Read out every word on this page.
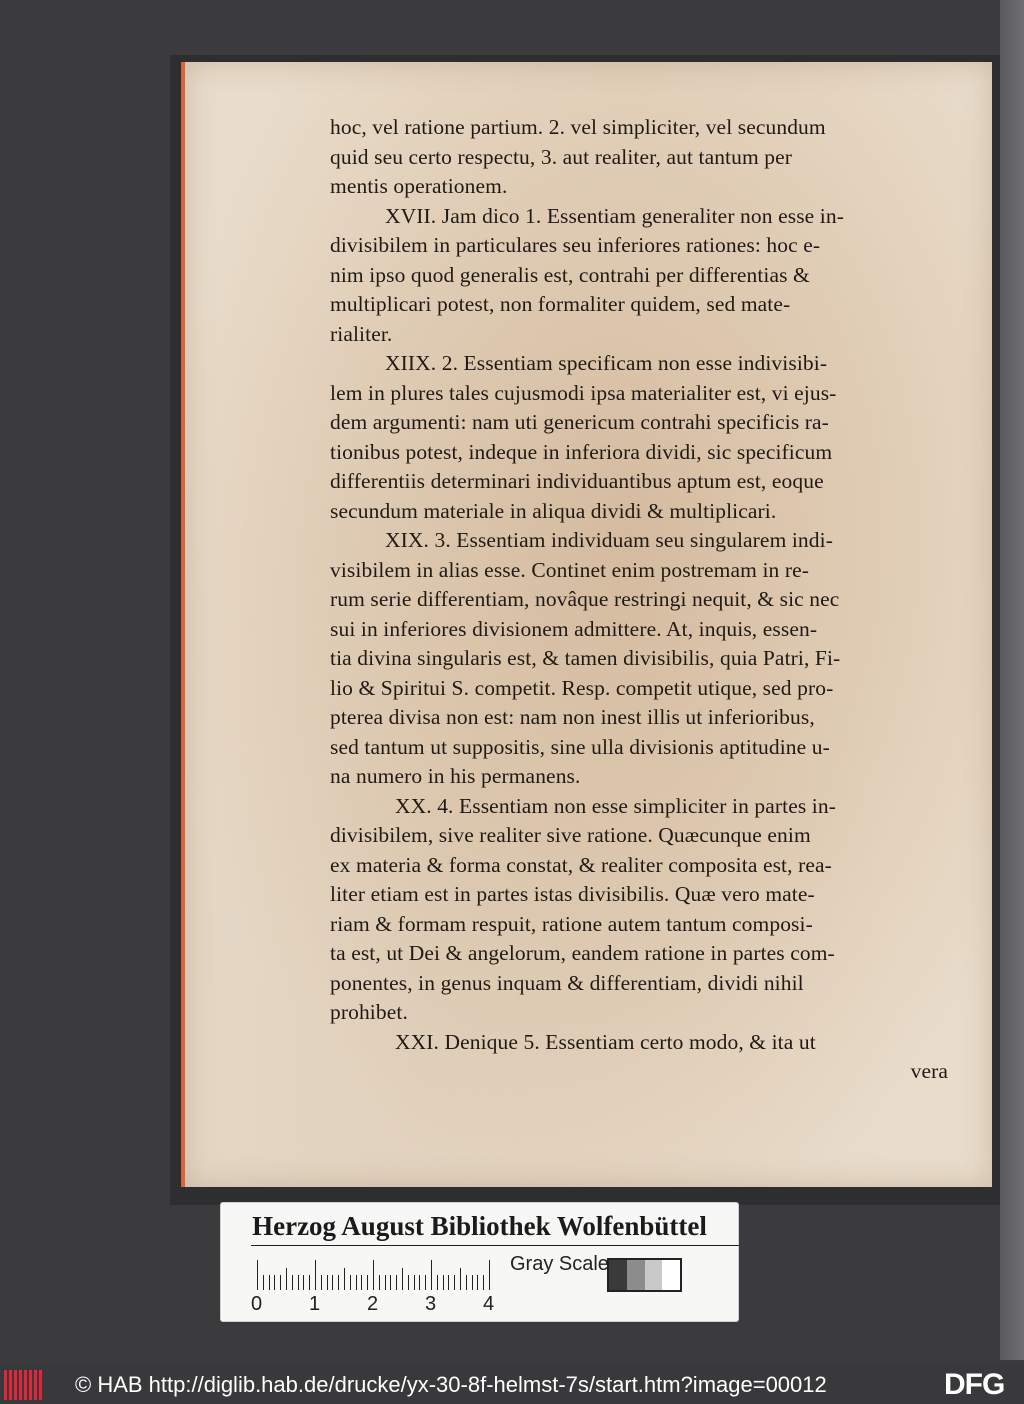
hoc, vel ratione partium. 2. vel simpliciter, vel secundum
quid seu certo respectu, 3. aut realiter, aut tantum per
mentis operationem.
XVII. Jam dico 1. Essentiam generaliter non esse in-
divisibilem in particulares seu inferiores rationes: hoc e-
nim ipso quod generalis est, contrahi per differentias &
multiplicari potest, non formaliter quidem, sed mate-
rialiter.
XIIX. 2. Essentiam specificam non esse indivisibi-
lem in plures tales cujusmodi ipsa materialiter est, vi ejus-
dem argumenti: nam uti genericum contrahi specificis ra-
tionibus potest, indeque in inferiora dividi, sic specificum
differentiis determinari individuantibus aptum est, eoque
secundum materiale in aliqua dividi & multiplicari.
XIX. 3. Essentiam individuam seu singularem indi-
visibilem in alias esse. Continet enim postremam in re-
rum serie differentiam, novâque restringi nequit, & sic nec
sui in inferiores divisionem admittere. At, inquis, essen-
tia divina singularis est, & tamen divisibilis, quia Patri, Fi-
lio & Spiritui S. competit. Resp. competit utique, sed pro-
pterea divisa non est: nam non inest illis ut inferioribus,
sed tantum ut suppositis, sine ulla divisionis aptitudine u-
na numero in his permanens.
XX. 4. Essentiam non esse simpliciter in partes in-
divisibilem, sive realiter sive ratione. Quæcunque enim
ex materia & forma constat, & realiter composita est, rea-
liter etiam est in partes istas divisibilis. Quæ vero mate-
riam & formam respuit, ratione autem tantum composi-
ta est, ut Dei & angelorum, eandem ratione in partes com-
ponentes, in genus inquam & differentiam, dividi nihil
prohibet.
XXI. Denique 5. Essentiam certo modo, & ita ut
vera
Herzog August Bibliothek Wolfenbüttel
0 1 2 3 4
Gray Scale
© HAB http://diglib.hab.de/drucke/yx-30-8f-helmst-7s/start.htm?image=00012	DFG
